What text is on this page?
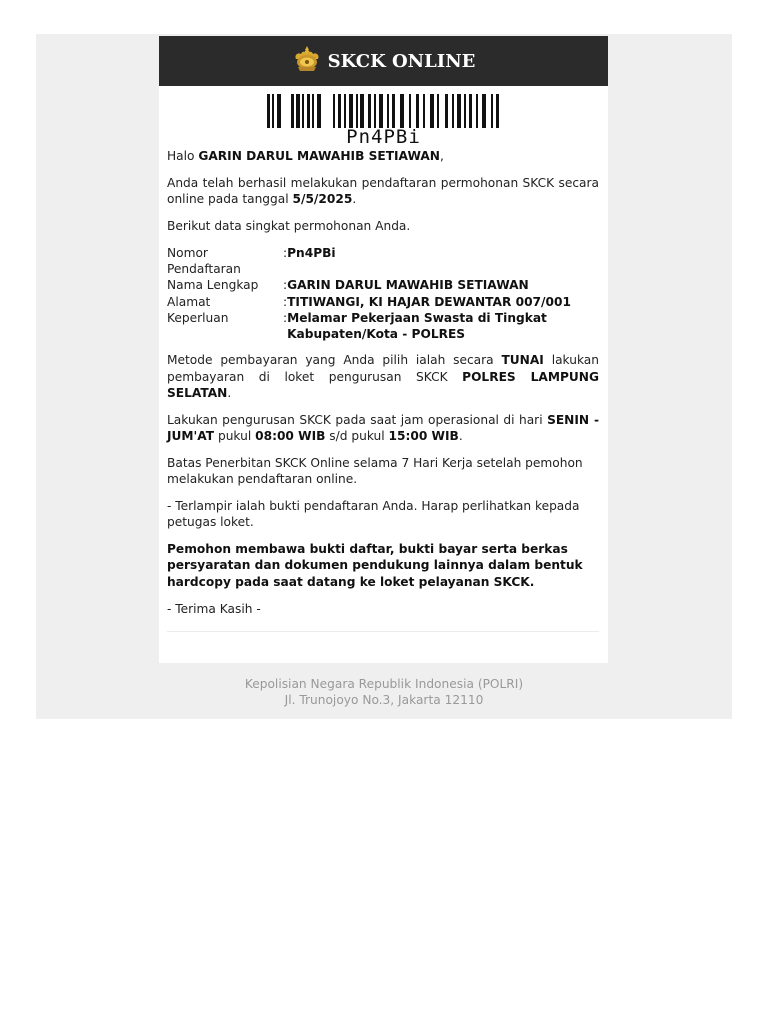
SKCK ONLINE
Pn4PBi

Halo GARIN DARUL MAWAHIB SETIAWAN,

Anda telah berhasil melakukan pendaftaran permohonan SKCK secara online pada tanggal 5/5/2025.

Berikut data singkat permohonan Anda.

Nomor Pendaftaran	:	Pn4PBi
Nama Lengkap	:	GARIN DARUL MAWAHIB SETIAWAN
Alamat	:	TITIWANGI, KI HAJAR DEWANTAR 007/001
Keperluan	:	Melamar Pekerjaan Swasta di Tingkat Kabupaten/Kota - POLRES

Metode pembayaran yang Anda pilih ialah secara TUNAI lakukan pembayaran di loket pengurusan SKCK POLRES LAMPUNG SELATAN.

Lakukan pengurusan SKCK pada saat jam operasional di hari SENIN - JUM'AT pukul 08:00 WIB s/d pukul 15:00 WIB.

Batas Penerbitan SKCK Online selama 7 Hari Kerja setelah pemohon melakukan pendaftaran online.

- Terlampir ialah bukti pendaftaran Anda. Harap perlihatkan kepada petugas loket.

Pemohon membawa bukti daftar, bukti bayar serta berkas persyaratan dan dokumen pendukung lainnya dalam bentuk hardcopy pada saat datang ke loket pelayanan SKCK.

- Terima Kasih -

Kepolisian Negara Republik Indonesia (POLRI)
Jl. Trunojoyo No.3, Jakarta 12110
